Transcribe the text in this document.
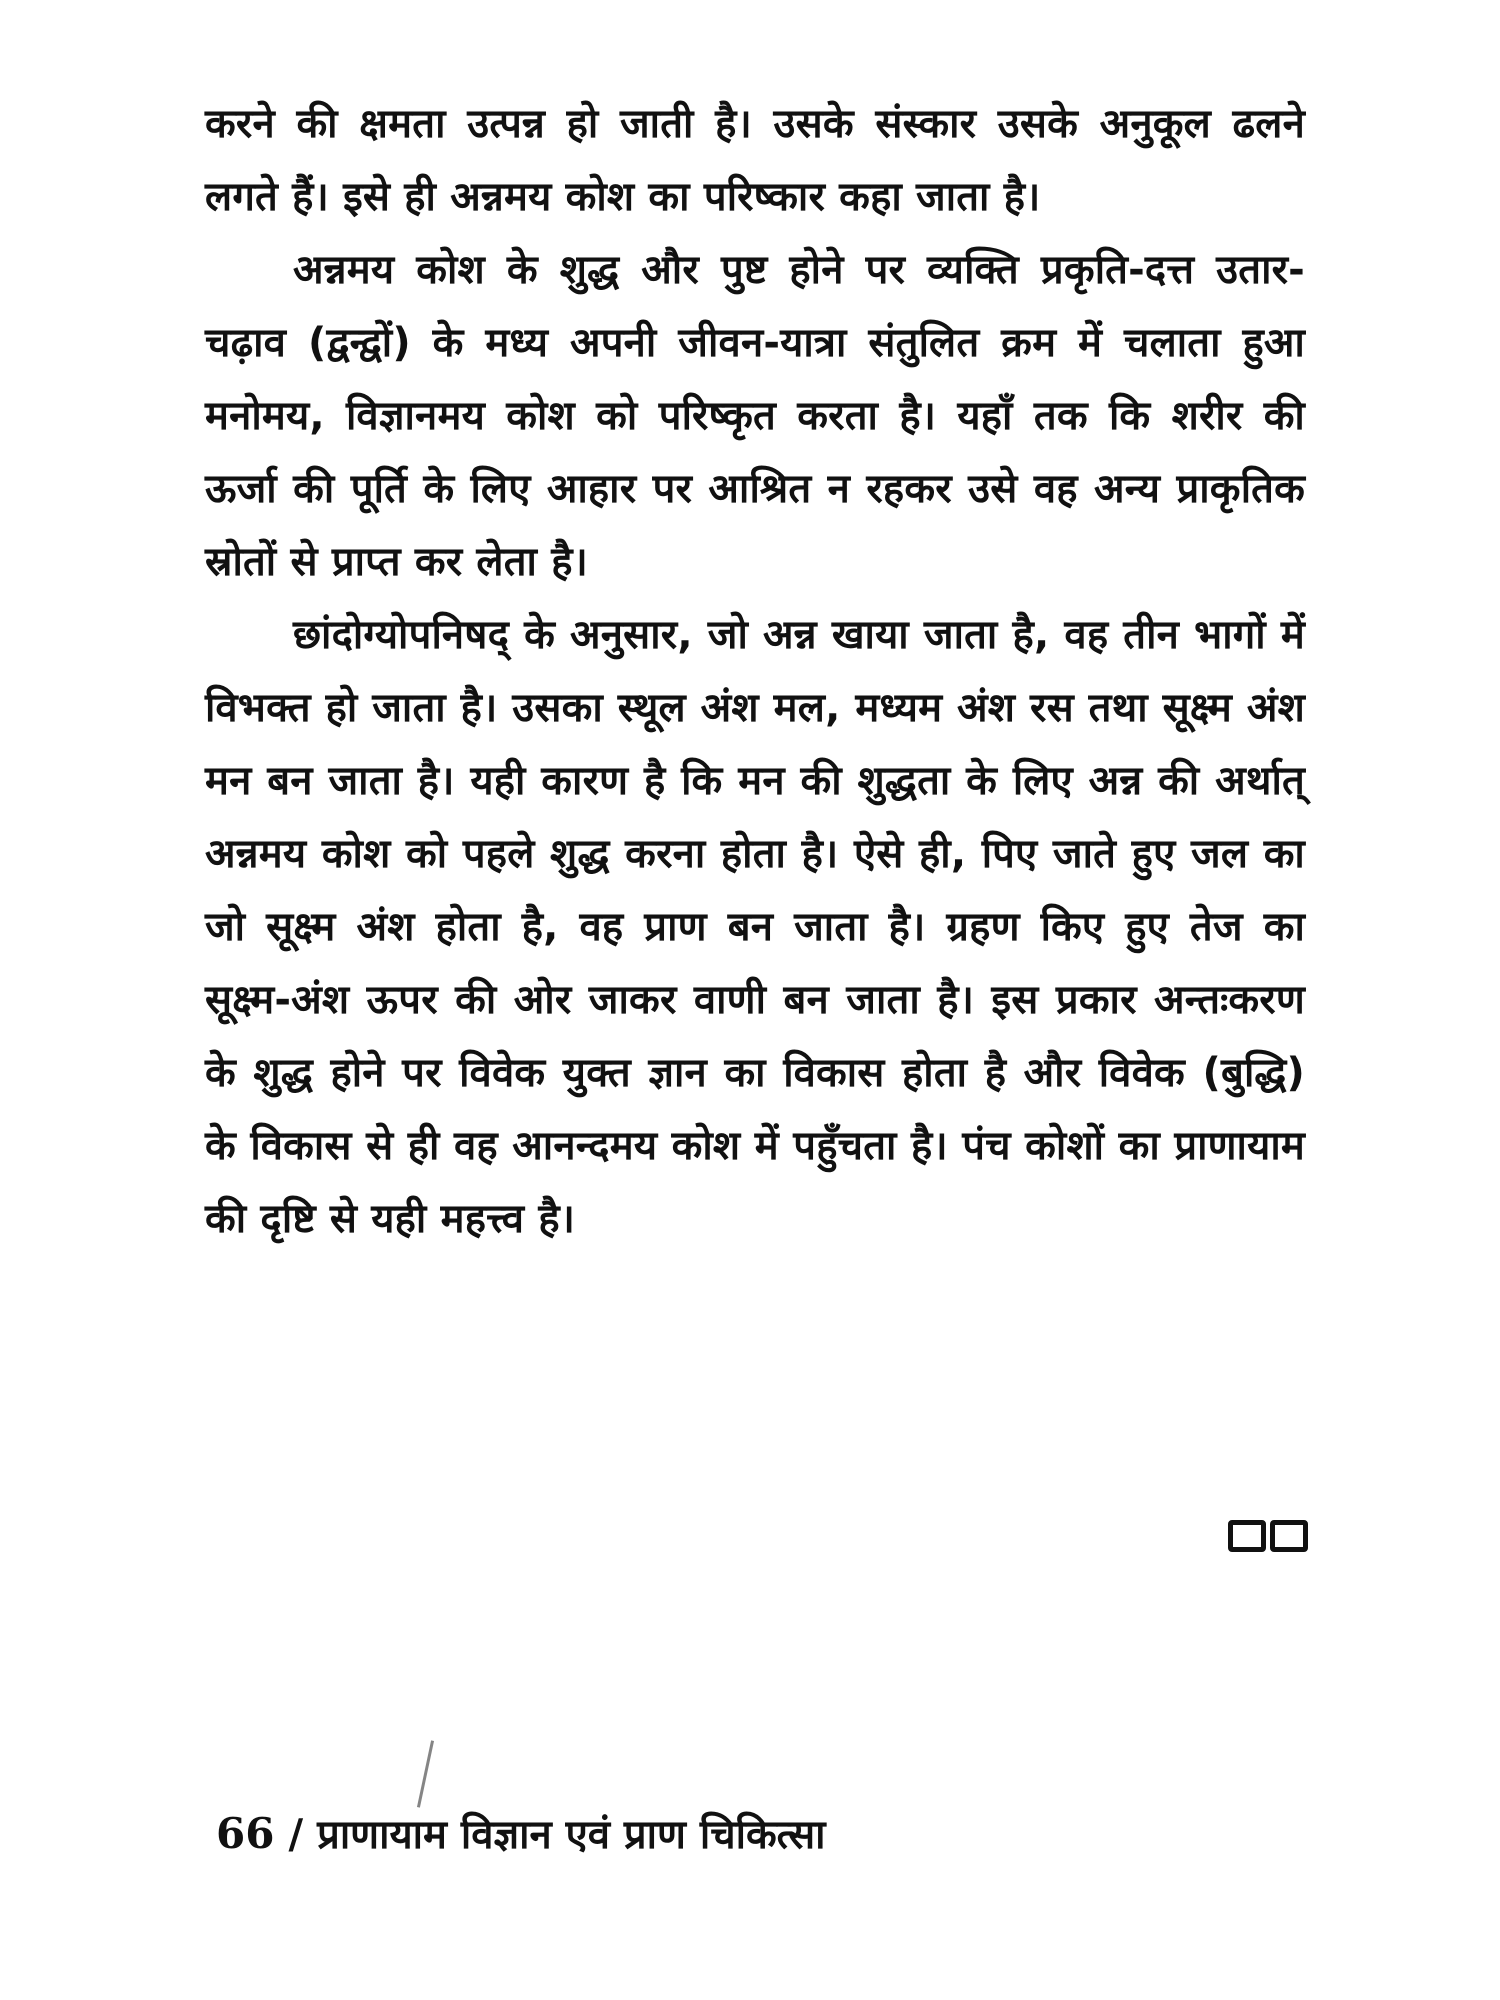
करने की क्षमता उत्पन्न हो जाती है। उसके संस्कार उसके अनुकूल ढलने लगते हैं। इसे ही अन्नमय कोश का परिष्कार कहा जाता है।

अन्नमय कोश के शुद्ध और पुष्ट होने पर व्यक्ति प्रकृति-दत्त उतार-चढ़ाव (द्वन्द्वों) के मध्य अपनी जीवन-यात्रा संतुलित क्रम में चलाता हुआ मनोमय, विज्ञानमय कोश को परिष्कृत करता है। यहाँ तक कि शरीर की ऊर्जा की पूर्ति के लिए आहार पर आश्रित न रहकर उसे वह अन्य प्राकृतिक स्रोतों से प्राप्त कर लेता है।

छांदोग्योपनिषद् के अनुसार, जो अन्न खाया जाता है, वह तीन भागों में विभक्त हो जाता है। उसका स्थूल अंश मल, मध्यम अंश रस तथा सूक्ष्म अंश मन बन जाता है। यही कारण है कि मन की शुद्धता के लिए अन्न की अर्थात् अन्नमय कोश को पहले शुद्ध करना होता है। ऐसे ही, पिए जाते हुए जल का जो सूक्ष्म अंश होता है, वह प्राण बन जाता है। ग्रहण किए हुए तेज का सूक्ष्म-अंश ऊपर की ओर जाकर वाणी बन जाता है। इस प्रकार अन्तःकरण के शुद्ध होने पर विवेक युक्त ज्ञान का विकास होता है और विवेक (बुद्धि) के विकास से ही वह आनन्दमय कोश में पहुँचता है। पंच कोशों का प्राणायाम की दृष्टि से यही महत्त्व है।

66 / प्राणायाम विज्ञान एवं प्राण चिकित्सा
